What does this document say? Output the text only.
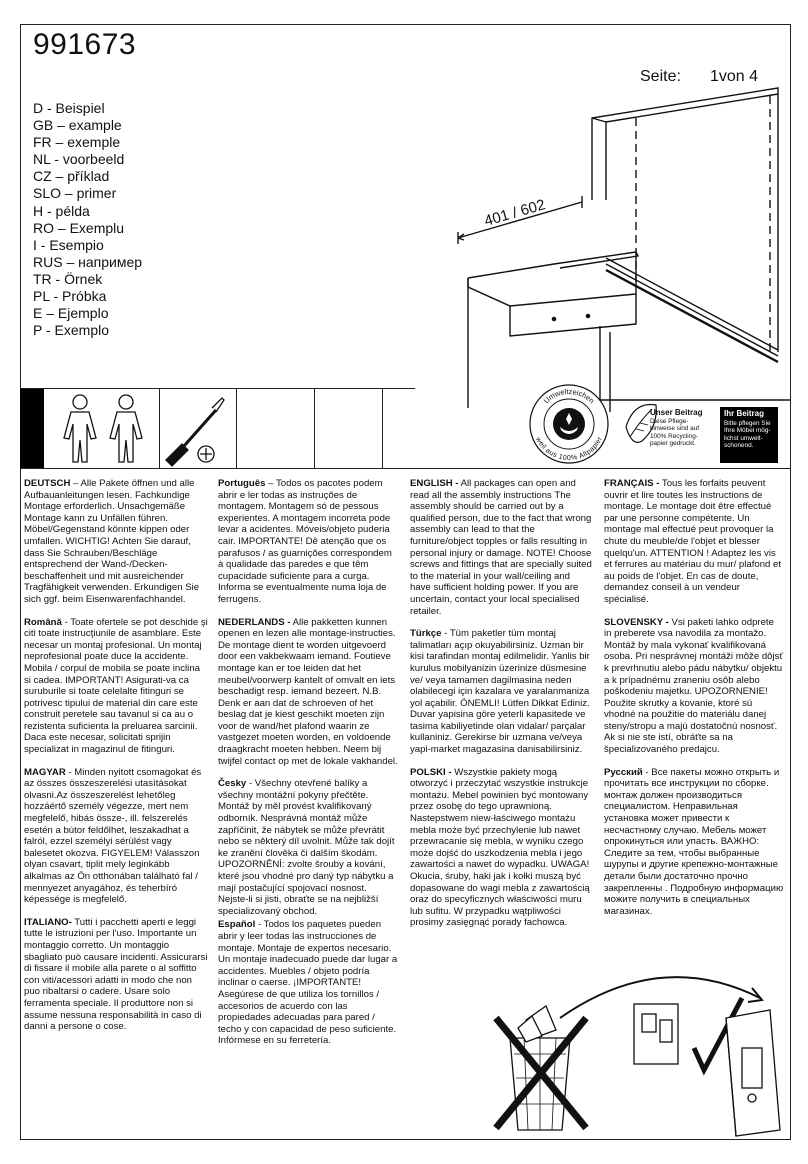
991673
Seite: 1von 4
D - Beispiel
GB – example
FR – exemple
NL - voorbeeld
CZ – příklad
SLO – primer
H - példa
RO – Exemplu
I - Esempio
RUS – например
TR - Örnek
PL - Próbka
E – Ejemplo
P - Exemplo
401 / 602
Umweltzeichen
weil aus 100% Altpapier
Unser Beitrag
Diese Pflege-hinweise sind auf 100% Recycling-papier gedruckt.
Ihr Beitrag
Bitte pflegen Sie Ihre Möbel mög-lichst umwelt-schonend.

DEUTSCH – Alle Pakete öffnen und alle Aufbauanleitungen lesen. Fachkundige Montage erforderlich. Unsachgemäße Montage kann zu Unfällen führen. Möbel/Gegenstand könnte kippen oder umfallen. WICHTIG! Achten Sie darauf, dass Sie Schrauben/Beschläge entsprechend der Wand-/Decken-beschaffenheit und mit ausreichender Tragfähigkeit verwenden. Erkundigen Sie sich ggf. beim Eisenwarenfachhandel.

Română - Toate ofertele se pot deschide şi citi toate instrucţiunile de asamblare. Este necesar un montaj profesional. Un montaj neprofesional poate duce la accidente. Mobila / corpul de mobila se poate inclina si cadea. IMPORTANT! Asigurati-va ca suruburile si toate celelalte fitinguri se potrivesc tipului de material din care este construit peretele sau tavanul si ca au o rezistenta suficienta la preluarea sarcinii. Daca este necesar, solicitati sprijin specializat in magazinul de fitinguri.

MAGYAR - Minden nyitott csomagokat és az összes összeszerelési utasításokat olvasni.Az összeszerelést lehetőleg hozzáértő személy végezze, mert nem megfelelő, hibás össze-, ill. felszerelés esetén a bútor feldőlhet, leszakadhat a falról, ezzel személyi sérülést vagy balesetet okozva. FIGYELEM! Válasszon olyan csavart, tiplit mely leginkább alkalmas az Ön otthonában található fal / mennyezet anyagához, és teherbíró képessége is megfelelő.

ITALIANO- Tutti i pacchetti aperti e leggi tutte le istruzioni per l'uso. Importante un montaggio corretto. Un montaggio sbagliato può causare incidenti. Assicurarsi di fissare il mobile alla parete o al soffitto con viti/acessori adatti in modo che non puo ribaltarsi o cadere. Usare solo ferramenta speciale. Il produttore non si assume nessuna responsabilità in caso di danni a persone o cose.

Português – Todos os pacotes podem abrir e ler todas as instruções de montagem. Montagem só de pessous experientes. A montagem incorreta pode levar a acidentes. Móveis/objeto puderia cair. IMPORTANTE! Dê atenção que os parafusos / as guarnições correspondem à qualidade das paredes e que têm cupacidade suficiente para a curga. Informa se eventualmente numa loja de ferrugens.

NEDERLANDS - Alle pakketten kunnen openen en lezen alle montage-instructies. De montage dient te worden uitgevoerd door een vakbekwaam iemand. Foutieve montage kan er toe leiden dat het meubel/voorwerp kantelt of omvalt en iets beschadigt resp. iemand bezeert. N.B. Denk er aan dat de schroeven of het beslag dat je kiest geschikt moeten zijn voor de wand/het plafond waarin ze vastgezet moeten worden, en voldoende draagkracht moeten hebben. Neem bij twijfel contact op met de lokale vakhandel.

Česky - Všechny otevřené balíky a všechny montážní pokyny přečtěte. Montáž by měl provést kvalifikovaný odborník. Nesprávná montáž může zapříčinit, že nábytek se může převrátit nebo se některý díl uvolnit. Může tak dojít ke zranění člověka či dalším škodám. UPOZORNĚNÍ: zvolte šrouby a kování, které jsou vhodné pro daný typ nábytku a mají postačující spojovací nosnost. Nejste-li si jisti, obraťte se na nejbližší specializovaný obchod.

Español - Todos los paquetes pueden abrir y leer todas las instrucciones de montaje. Montaje de expertos necesario. Un montaje inadecuado puede dar lugar a accidentes. Muebles / objeto podría inclinar o caerse. ¡IMPORTANTE! Asegúrese de que utiliza los tornillos / accesorios de acuerdo con las propiedades adecuadas para pared / techo y con capacidad de peso suficiente. Infórmese en su ferretería.

ENGLISH - All packages can open and read all the assembly instructions The assembly should be carried out by a qualified person, due to the fact that wrong assembly can lead to that the furniture/object topples or falls resulting in personal injury or damage. NOTE! Choose screws and fittings that are specially suited to the material in your wall/ceiling and have sufficient holding power. If you are uncertain, contact your local specialised retailer.

Türkçe - Tüm paketler tüm montaj talimatları açıp okuyabilirsiniz. Uzman bir kisi tarafindan montaj edilmelidir. Yanlis bir kurulus mobilyanizin üzerinize düsmesine ve/ veya tamamen dagilmasina neden olabilecegi için kazalara ve yaralanmaniza yol açabilir. ÖNEMLI! Lütfen Dikkat Ediniz. Duvar yapisina göre yeterli kapasitede ve tasima kabiliyetinde olan vidalar/ parçalar kullaniniz. Gerekirse bir uzmana ve/veya yapi-market magazasina danisabilirsiniz.

POLSKI - Wszystkie pakiety mogą otworzyć i przeczytać wszystkie instrukcje montażu. Mebel powinien być montowany przez osobę do tego uprawnioną. Nastepstwem niew-łaściwego montażu mebla może być przechylenie lub nawet przewracanie się mebla, w wyniku czego może dojść do uszkodzenia mebla i jego zawartości a nawet do wypadku. UWAGA! Okucia, śruby, haki jak i kołki muszą być dopasowane do wagi mebla z zawartością oraz do specyficznych właściwości muru lub sufitu. W przypadku wątpliwości prosimy zasięgnąć porady fachowca.

FRANÇAIS - Tous les forfaits peuvent ouvrir et lire toutes les instructions de montage. Le montage doit être effectué par une personne compétente. Un montage mal effectué peut provoquer la chute du meuble/de l'objet et blesser quelqu'un. ATTENTION ! Adaptez les vis et ferrures au matériau du mur/ plafond et au poids de l'objet. En cas de doute, demandez conseil à un vendeur spécialisé.

SLOVENSKY - Vsi paketi lahko odprete in preberete vsa navodila za montažo. Montáž by mala vykonať kvalifikovaná osoba. Pri nesprávnej montáži môže dôjsť k prevrhnutiu alebo pádu nábytku/ objektu a k prípadnému zraneniu osôb alebo poškodeniu majetku. UPOZORNENIE! Použite skrutky a kovanie, ktoré sú vhodné na použitie do materiálu danej steny/stropu a majú dostatočnú nosnosť. Ak si nie ste istí, obráťte sa na špecializovaného predajcu.

Русский - Все пакеты можно открыть и прочитать все инструкции по сборке. монтаж должен производиться специалистом. Неправильная установка может привести к несчастному случаю. Мебель может опрокинуться или упасть. ВАЖНО: Следите за тем, чтобы выбранные шурупы и другие крепежно-монтажные детали были достаточно прочно закрепленны . Подробную информацию можите получить в специальных магазинах.
